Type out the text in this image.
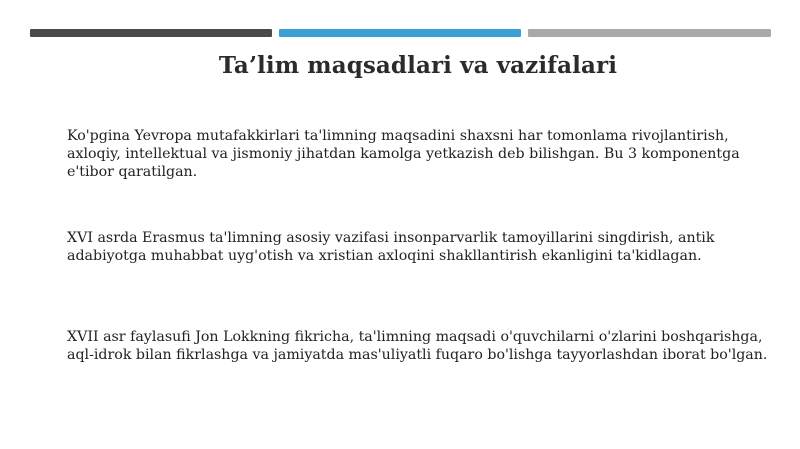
Ta’lim maqsadlari va vazifalari
Ko'pgina Yevropa mutafakkirlari ta'limning maqsadini shaxsni har tomonlama rivojlantirish,
axloqiy, intellektual va jismoniy jihatdan kamolga yetkazish deb bilishgan. Bu 3 komponentga
e'tibor qaratilgan.
XVI asrda Erasmus ta'limning asosiy vazifasi insonparvarlik tamoyillarini singdirish, antik
adabiyotga muhabbat uyg'otish va xristian axloqini shakllantirish ekanligini ta'kidlagan.
XVII asr faylasufi Jon Lokkning fikricha, ta'limning maqsadi o'quvchilarni o'zlarini boshqarishga,
aql-idrok bilan fikrlashga va jamiyatda mas'uliyatli fuqaro bo'lishga tayyorlashdan iborat bo'lgan.
